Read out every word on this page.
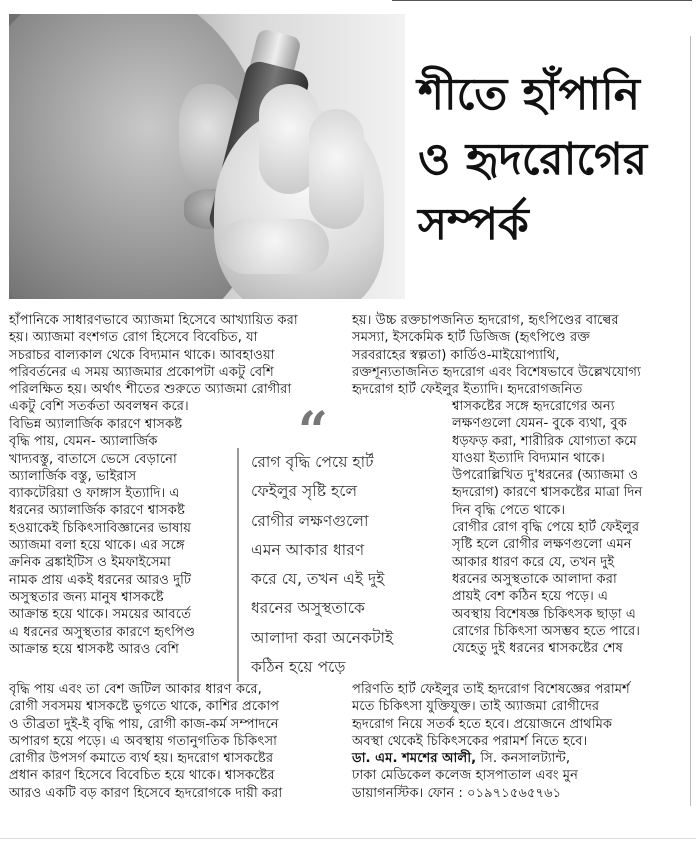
শীতে হাঁপানি
ও হৃদরোগের
সম্পর্ক

হাঁপানিকে সাধারণভাবে অ্যাজমা হিসেবে আখ্যায়িত করা

হয়। অ্যাজমা বংশগত রোগ হিসেবে বিবেচিত, যা

সচরাচর বাল্যকাল থেকে বিদ্যমান থাকে। আবহাওয়া

পরিবর্তনের এ সময় অ্যাজমার প্রকোপটা একটু বেশি

পরিলক্ষিত হয়। অর্থাৎ শীতের শুরুতে অ্যাজমা রোগীরা

একটু বেশি সতর্কতা অবলম্বন করে।

বিভিন্ন অ্যালার্জিক কারণে শ্বাসকষ্ট

বৃদ্ধি পায়, যেমন- অ্যালার্জিক

খাদ্যবস্তু, বাতাসে ভেসে বেড়ানো

অ্যালার্জিক বস্তু, ভাইরাস

ব্যাকটেরিয়া ও ফাঙ্গাস ইত্যাদি। এ

ধরনের অ্যালার্জিক কারণে শ্বাসকষ্ট

হওয়াকেই চিকিৎসাবিজ্ঞানের ভাষায়

অ্যাজমা বলা হয়ে থাকে। এর সঙ্গে

ক্রনিক ব্রঙ্কাইটিস ও ইমফাইসেমা

নামক প্রায় একই ধরনের আরও দুটি

অসুস্থতার জন্য মানুষ শ্বাসকষ্টে

আক্রান্ত হয়ে থাকে। সময়ের আবর্তে

এ ধরনের অসুস্থতার কারণে হৃৎপিণ্ড

আক্রান্ত হয়ে শ্বাসকষ্ট আরও বেশি

বৃদ্ধি পায় এবং তা বেশ জটিল আকার ধারণ করে,

রোগী সবসময় শ্বাসকষ্টে ভুগতে থাকে, কাশির প্রকোপ

ও তীব্রতা দুই-ই বৃদ্ধি পায়, রোগী কাজ-কর্ম সম্পাদনে

অপারগ হয়ে পড়ে। এ অবস্থায় গতানুগতিক চিকিৎসা

রোগীর উপসর্গ কমাতে ব্যর্থ হয়। হৃদরোগ শ্বাসকষ্টের

প্রধান কারণ হিসেবে বিবেচিত হয়ে থাকে। শ্বাসকষ্টের

আরও একটি বড় কারণ হিসেবে হৃদরোগকে দায়ী করা

হয়। উচ্চ রক্তচাপজনিত হৃদরোগ, হৃৎপিণ্ডের বাল্বের

সমস্যা, ইসকেমিক হার্ট ডিজিজ (হৃৎপিণ্ডে রক্ত

সরবরাহের স্বল্পতা) কার্ডিও-মাইয়োপ্যাথি,

রক্তশূন্যতাজনিত হৃদরোগ এবং বিশেষভাবে উল্লেখযোগ্য

হৃদরোগ হার্ট ফেইলুর ইত্যাদি। হৃদরোগজনিত

শ্বাসকষ্টের সঙ্গে হৃদরোগের অন্য

লক্ষণগুলো যেমন- বুকে ব্যথা, বুক

ধড়ফড় করা, শারীরিক যোগ্যতা কমে

যাওয়া ইত্যাদি বিদ্যমান থাকে।

উপরোল্লিখিত দু'ধরনের (অ্যাজমা ও

হৃদরোগ) কারণে শ্বাসকষ্টের মাত্রা দিন

দিন বৃদ্ধি পেতে থাকে।

রোগীর রোগ বৃদ্ধি পেয়ে হার্ট ফেইলুর

সৃষ্টি হলে রোগীর লক্ষণগুলো এমন

আকার ধারণ করে যে, তখন দুই

ধরনের অসুস্থতাকে আলাদা করা

প্রায়ই বেশ কঠিন হয়ে পড়ে। এ

অবস্থায় বিশেষজ্ঞ চিকিৎসক ছাড়া এ

রোগের চিকিৎসা অসম্ভব হতে পারে।

যেহেতু দুই ধরনের শ্বাসকষ্টের শেষ

পরিণতি হার্ট ফেইলুর তাই হৃদরোগ বিশেষজ্ঞের পরামর্শ

মতে চিকিৎসা যুক্তিযুক্ত। তাই অ্যাজমা রোগীদের

হৃদরোগ নিয়ে সতর্ক হতে হবে। প্রয়োজনে প্রাথমিক

অবস্থা থেকেই চিকিৎসকের পরামর্শ নিতে হবে।

ডা. এম. শমশের আলী, সি. কনসালট্যান্ট,

ঢাকা মেডিকেল কলেজ হাসপাতাল এবং মুন

ডায়াগনস্টিক। ফোন : ০১৯৭১৫৬৫৭৬১

“

রোগ বৃদ্ধি পেয়ে হার্ট

ফেইলুর সৃষ্টি হলে

রোগীর লক্ষণগুলো

এমন আকার ধারণ

করে যে, তখন এই দুই

ধরনের অসুস্থতাকে

আলাদা করা অনেকটাই

কঠিন হয়ে পড়ে
